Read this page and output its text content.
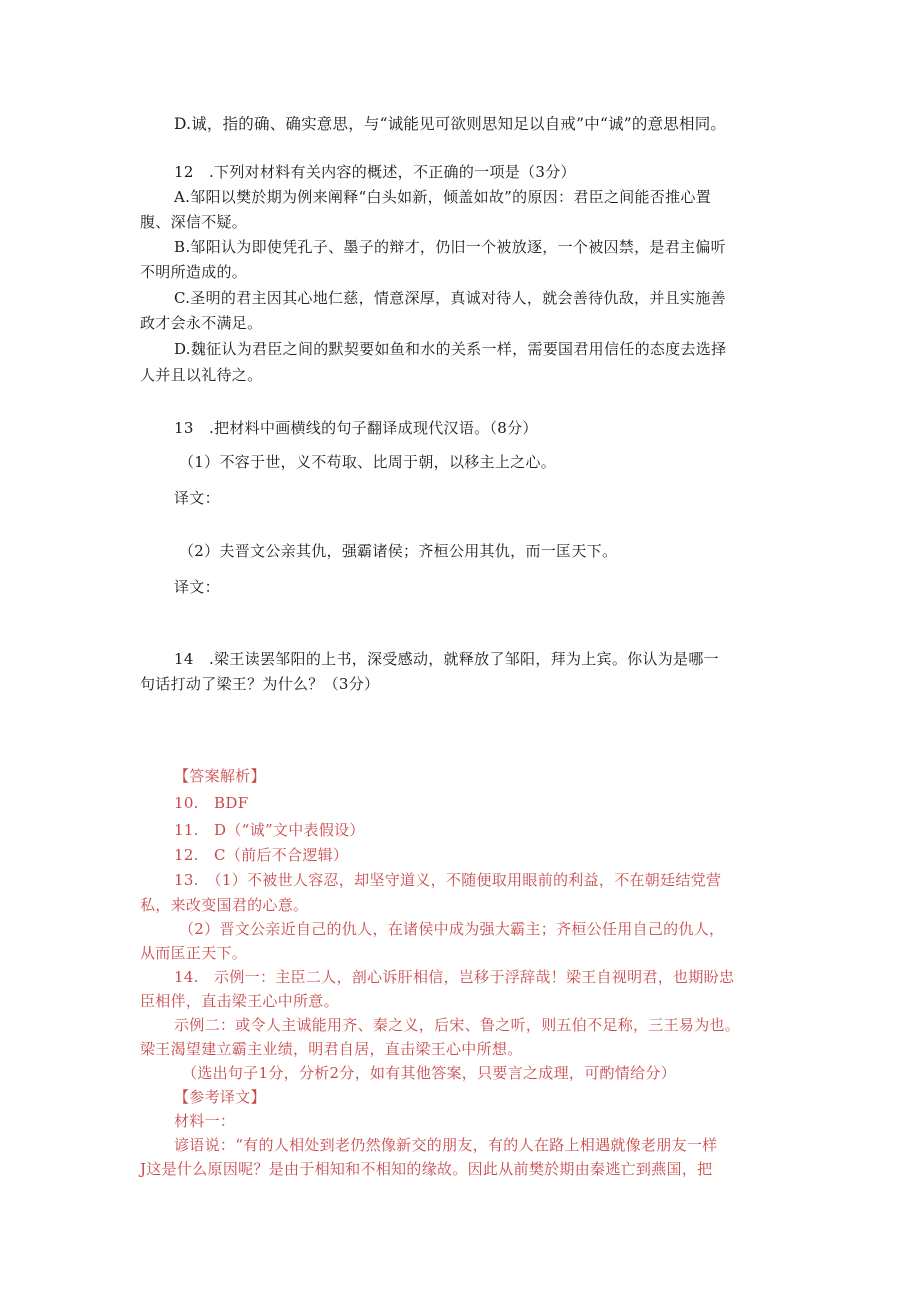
D.诚，指的确、确实意思，与“诚能见可欲则思知足以自戒”中“诚”的意思相同。
12　.下列对材料有关内容的概述，不正确的一项是（3分）
A.邹阳以樊於期为例来阐释“白头如新，倾盖如故”的原因：君臣之间能否推心置
腹、深信不疑。
B.邹阳认为即使凭孔子、墨子的辩才，仍旧一个被放逐，一个被囚禁，是君主偏听
不明所造成的。
C.圣明的君主因其心地仁慈，情意深厚，真诚对待人，就会善待仇敌，并且实施善
政才会永不满足。
D.魏征认为君臣之间的默契要如鱼和水的关系一样，需要国君用信任的态度去选择
人并且以礼待之。
13　.把材料中画横线的句子翻译成现代汉语。（8分）
（1）不容于世，义不苟取、比周于朝，以移主上之心。
译文：
（2）夫晋文公亲其仇，强霸诸侯；齐桓公用其仇，而一匡天下。
译文：
14　.梁王读罢邹阳的上书，深受感动，就释放了邹阳，拜为上宾。你认为是哪一
句话打动了梁王？为什么？（3分）
【答案解析】
10.　BDF
11.　D（“诚”文中表假设）
12.　C（前后不合逻辑）
13.　（1）不被世人容忍，却坚守道义，不随便取用眼前的利益，不在朝廷结党营
私，来改变国君的心意。
（2）晋文公亲近自己的仇人，在诸侯中成为强大霸主；齐桓公任用自己的仇人，
从而匡正天下。
14.　示例一：主臣二人，剖心诉肝相信，岂移于浮辞哉！梁王自视明君，也期盼忠
臣相伴，直击梁王心中所意。
示例二：或令人主诚能用齐、秦之义，后宋、鲁之听，则五伯不足称，三王易为也。
梁王渴望建立霸主业绩，明君自居，直击梁王心中所想。
（选出句子1分，分析2分，如有其他答案，只要言之成理，可酌情给分）
【参考译文】
材料一：
谚语说：“有的人相处到老仍然像新交的朋友，有的人在路上相遇就像老朋友一样
J这是什么原因呢？是由于相知和不相知的缘故。因此从前樊於期由秦逃亡到燕国，把
